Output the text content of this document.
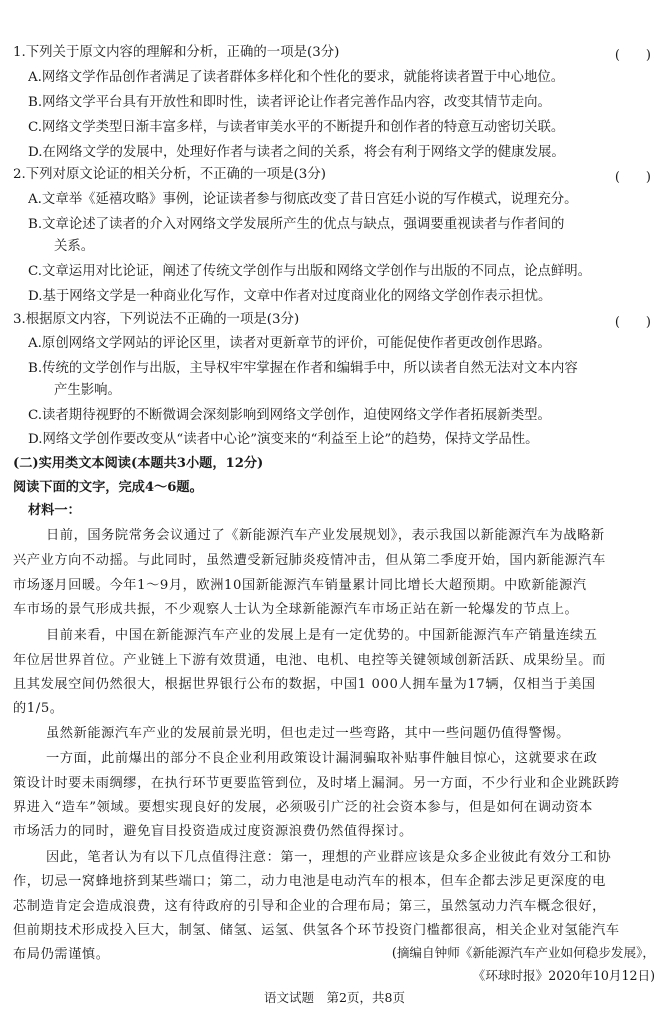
1.下列关于原文内容的理解和分析，正确的一项是(3分)	(　　)
A.网络文学作品创作者满足了读者群体多样化和个性化的要求，就能将读者置于中心地位。
B.网络文学平台具有开放性和即时性，读者评论让作者完善作品内容，改变其情节走向。
C.网络文学类型日渐丰富多样，与读者审美水平的不断提升和创作者的特意互动密切关联。
D.在网络文学的发展中，处理好作者与读者之间的关系，将会有利于网络文学的健康发展。
2.下列对原文论证的相关分析，不正确的一项是(3分)	(　　)
A.文章举《延禧攻略》事例，论证读者参与彻底改变了昔日宫廷小说的写作模式，说理充分。
B.文章论述了读者的介入对网络文学发展所产生的优点与缺点，强调要重视读者与作者间的
关系。
C.文章运用对比论证，阐述了传统文学创作与出版和网络文学创作与出版的不同点，论点鲜明。
D.基于网络文学是一种商业化写作，文章中作者对过度商业化的网络文学创作表示担忧。
3.根据原文内容，下列说法不正确的一项是(3分)	(　　)
A.原创网络文学网站的评论区里，读者对更新章节的评价，可能促使作者更改创作思路。
B.传统的文学创作与出版，主导权牢牢掌握在作者和编辑手中，所以读者自然无法对文本内容
产生影响。
C.读者期待视野的不断微调会深刻影响到网络文学创作，迫使网络文学作者拓展新类型。
D.网络文学创作要改变从“读者中心论”演变来的“利益至上论”的趋势，保持文学品性。
(二)实用类文本阅读(本题共3小题，12分)
阅读下面的文字，完成4～6题。
材料一：
日前，国务院常务会议通过了《新能源汽车产业发展规划》，表示我国以新能源汽车为战略新
兴产业方向不动摇。与此同时，虽然遭受新冠肺炎疫情冲击，但从第二季度开始，国内新能源汽车
市场逐月回暖。今年1～9月，欧洲10国新能源汽车销量累计同比增长大超预期。中欧新能源汽
车市场的景气形成共振，不少观察人士认为全球新能源汽车市场正站在新一轮爆发的节点上。
目前来看，中国在新能源汽车产业的发展上是有一定优势的。中国新能源汽车产销量连续五
年位居世界首位。产业链上下游有效贯通，电池、电机、电控等关键领域创新活跃、成果纷呈。而
且其发展空间仍然很大，根据世界银行公布的数据，中国1 000人拥车量为17辆，仅相当于美国
的1/5。
虽然新能源汽车产业的发展前景光明，但也走过一些弯路，其中一些问题仍值得警惕。
一方面，此前爆出的部分不良企业利用政策设计漏洞骗取补贴事件触目惊心，这就要求在政
策设计时要未雨绸缪，在执行环节更要监管到位，及时堵上漏洞。另一方面，不少行业和企业跳跃跨
界进入“造车”领域。要想实现良好的发展，必须吸引广泛的社会资本参与，但是如何在调动资本
市场活力的同时，避免盲目投资造成过度资源浪费仍然值得探讨。
因此，笔者认为有以下几点值得注意：第一，理想的产业群应该是众多企业彼此有效分工和协
作，切忌一窝蜂地挤到某些端口；第二，动力电池是电动汽车的根本，但车企都去涉足更深度的电
芯制造肯定会造成浪费，这有待政府的引导和企业的合理布局；第三，虽然氢动力汽车概念很好，
但前期技术形成投入巨大，制氢、储氢、运氢、供氢各个环节投资门槛都很高，相关企业对氢能汽车
布局仍需谨慎。	(摘编自钟师《新能源汽车产业如何稳步发展》，
《环球时报》2020年10月12日)
语文试题　第2页，共8页
